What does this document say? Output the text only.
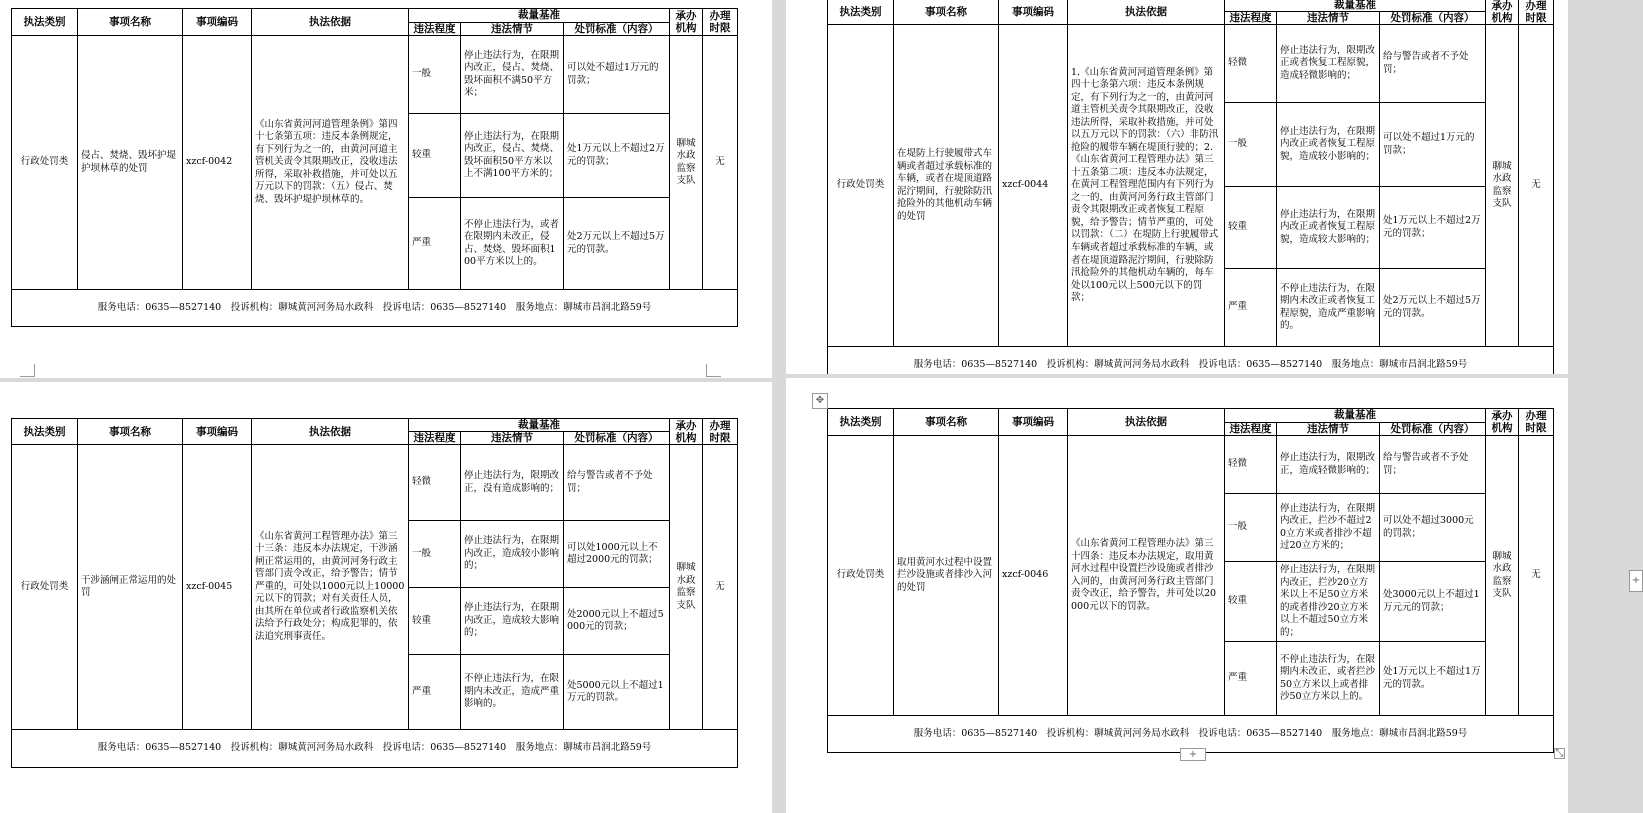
执法类别	事项名称	事项编码	执法依据	裁量基准			承办机构	办理时限
				违法程度	违法情节	处罚标准（内容）		
行政处罚类	侵占、焚烧、毁坏护堤护坝林草的处罚	xzcf-0042	《山东省黄河河道管理条例》第四十七条第五项：违反本条例规定，有下列行为之一的，由黄河河道主管机关责令其限期改正，没收违法所得，采取补救措施，并可处以五万元以下的罚款：（五）侵占、焚烧、毁坏护堤护坝林草的。	一般	停止违法行为，在限期内改正，侵占、焚烧、毁坏面积不满50平方米；	可以处不超过1万元的罚款；	聊城水政监察支队	无
				较重	停止违法行为，在限期内改正，侵占、焚烧、毁坏面积50平方米以上不满100平方米的；	处1万元以上不超过2万元的罚款；		
				严重	不停止违法行为，或者在限期内未改正，侵占、焚烧、毁坏面积100平方米以上的。	处2万元以上不超过5万元的罚款。		
服务电话：0635—8527140　投诉机构：聊城黄河河务局水政科　投诉电话：0635—8527140　服务地点：聊城市昌润北路59号								
执法类别	事项名称	事项编码	执法依据	裁量基准			承办机构	办理时限
				违法程度	违法情节	处罚标准（内容）		
行政处罚类	在堤防上行驶履带式车辆或者超过承载标准的车辆，或者在堤顶道路泥泞期间，行驶除防汛抢险外的其他机动车辆的处罚	xzcf-0044	1.《山东省黄河河道管理条例》第四十七条第六项：违反本条例规定，有下列行为之一的，由黄河河道主管机关责令其限期改正，没收违法所得，采取补救措施，并可处以五万元以下的罚款：（六）非防汛抢险的履带车辆在堤顶行驶的；2.《山东省黄河工程管理办法》第三十五条第二项：违反本办法规定，在黄河工程管理范围内有下列行为之一的，由黄河河务行政主管部门责令其限期改正或者恢复工程原貌，给予警告；情节严重的，可处以罚款：（二）在堤防上行驶履带式车辆或者超过承载标准的车辆，或者在堤顶道路泥泞期间，行驶除防汛抢险外的其他机动车辆的，每车处以100元以上500元以下的罚款；	轻微	停止违法行为，限期改正或者恢复工程原貌，造成轻微影响的；	给与警告或者不予处罚；	聊城水政监察支队	无
				一般	停止违法行为，在限期内改正或者恢复工程原貌，造成较小影响的；	可以处不超过1万元的罚款；		
				较重	停止违法行为，在限期内改正或者恢复工程原貌，造成较大影响的；	处1万元以上不超过2万元的罚款；		
				严重	不停止违法行为，在限期内未改正或者恢复工程原貌，造成严重影响的。	处2万元以上不超过5万元的罚款。		
服务电话：0635—8527140　投诉机构：聊城黄河河务局水政科　投诉电话：0635—8527140　服务地点：聊城市昌润北路59号								
执法类别	事项名称	事项编码	执法依据	裁量基准			承办机构	办理时限
				违法程度	违法情节	处罚标准（内容）		
行政处罚类	干涉涵闸正常运用的处罚	xzcf-0045	《山东省黄河工程管理办法》第三十三条：违反本办法规定，干涉涵闸正常运用的，由黄河河务行政主管部门责令改正，给予警告；情节严重的，可处以1000元以上10000元以下的罚款；对有关责任人员，由其所在单位或者行政监察机关依法给予行政处分；构成犯罪的，依法追究刑事责任。	轻微	停止违法行为，限期改正，没有造成影响的；	给与警告或者不予处罚；	聊城水政监察支队	无
				一般	停止违法行为，在限期内改正，造成较小影响的；	可以处1000元以上不超过2000元的罚款；		
				较重	停止违法行为，在限期内改正，造成较大影响的；	处2000元以上不超过5000元的罚款；		
				严重	不停止违法行为，在限期内未改正，造成严重影响的。	处5000元以上不超过1万元的罚款。		
服务电话：0635—8527140　投诉机构：聊城黄河河务局水政科　投诉电话：0635—8527140　服务地点：聊城市昌润北路59号								
执法类别	事项名称	事项编码	执法依据	裁量基准			承办机构	办理时限
				违法程度	违法情节	处罚标准（内容）		
行政处罚类	取用黄河水过程中设置拦沙设施或者排沙入河的处罚	xzcf-0046	《山东省黄河工程管理办法》第三十四条：违反本办法规定，取用黄河水过程中设置拦沙设施或者排沙入河的，由黄河河务行政主管部门责令改正，给予警告，并可处以20000元以下的罚款。	轻微	停止违法行为，限期改正，造成轻微影响的；	给与警告或者不予处罚；	聊城水政监察支队	无
				一般	停止违法行为，在限期内改正，拦沙不超过20立方米或者排沙不超过20立方米的；	可以处不超过3000元的罚款；		
				较重	停止违法行为，在限期内改正，拦沙20立方米以上不足50立方米的或者排沙20立方米以上不超过50立方米的；	处3000元以上不超过1万元元的罚款；		
				严重	不停止违法行为，在限期内未改正，或者拦沙50立方米以上或者排沙50立方米以上的。	处1万元以上不超过1万元的罚款。		
服务电话：0635—8527140　投诉机构：聊城黄河河务局水政科　投诉电话：0635—8527140　服务地点：聊城市昌润北路59号								
✥
+	⤡
+
